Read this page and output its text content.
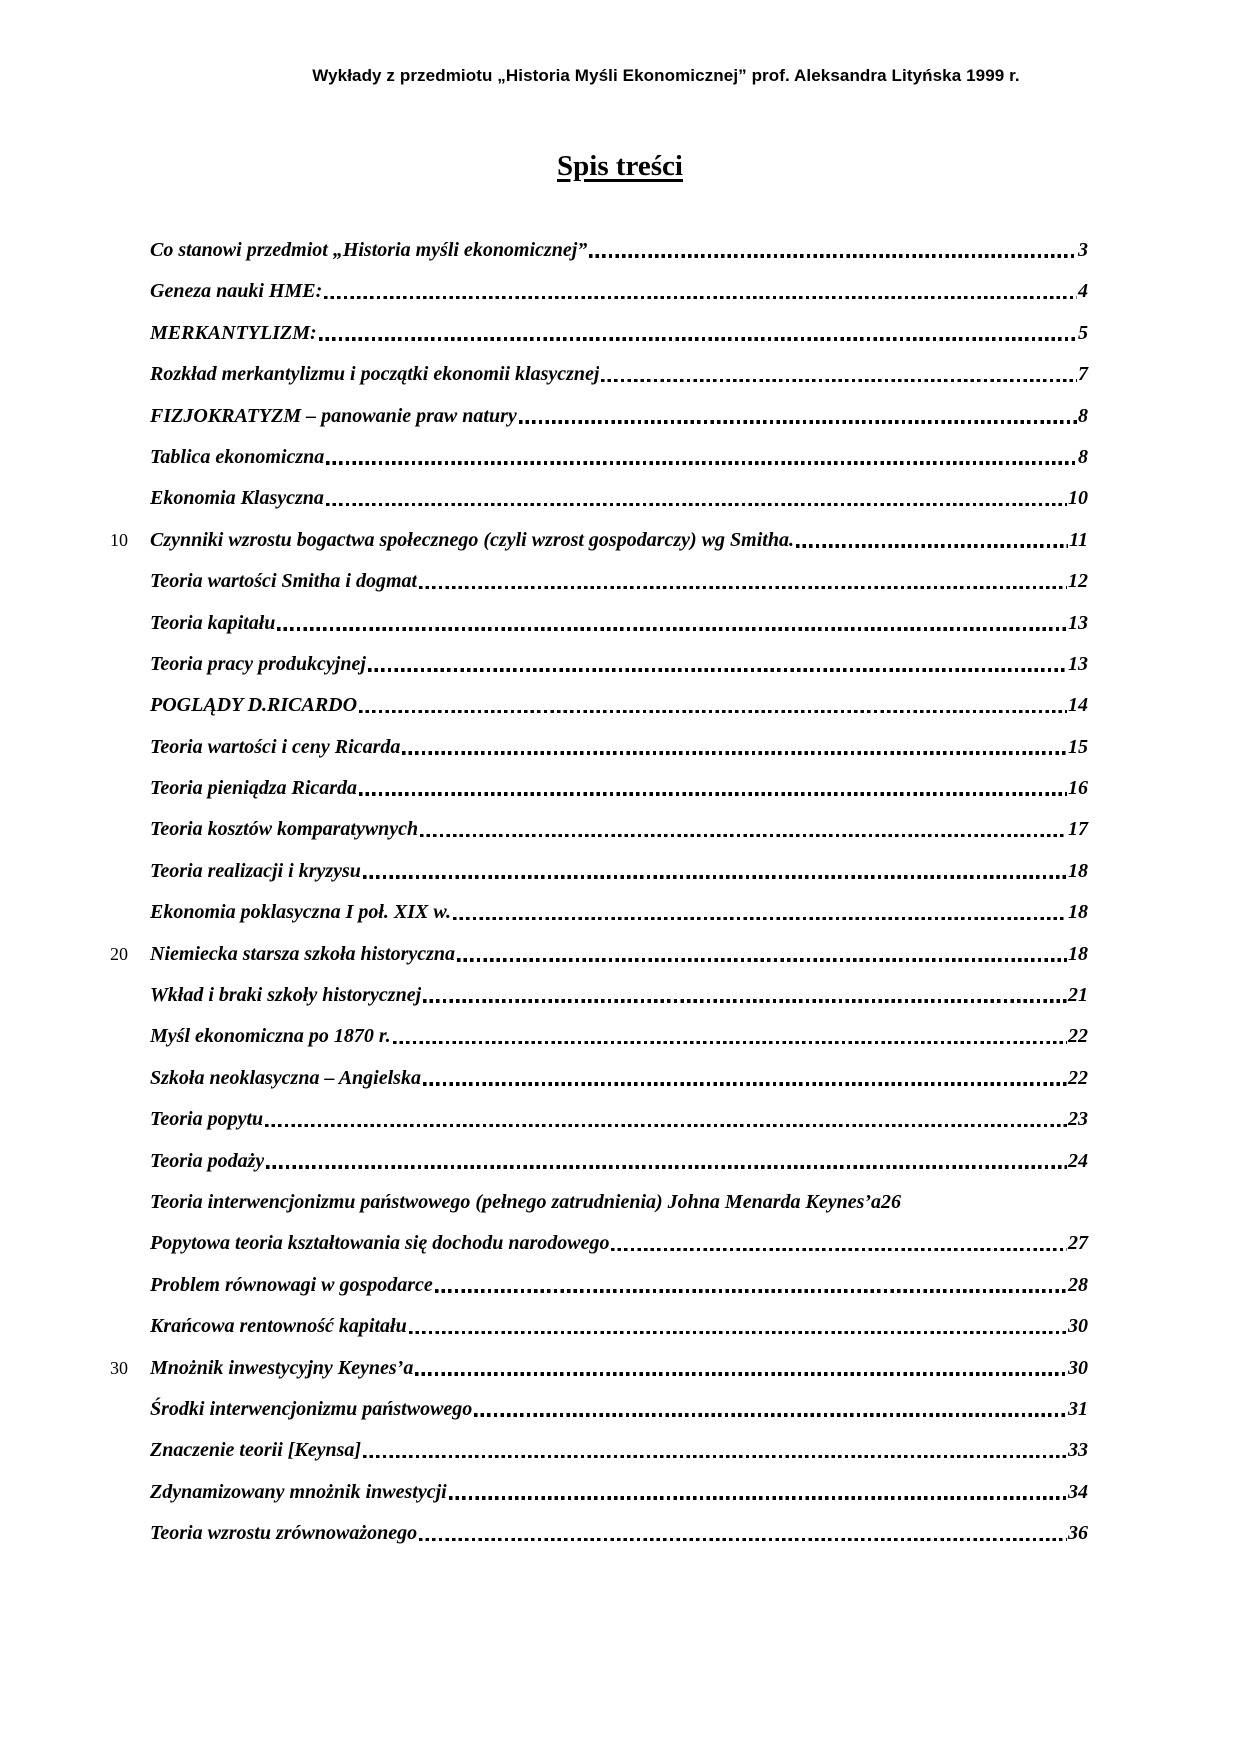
Wykłady z przedmiotu „Historia Myśli Ekonomicznej” prof. Aleksandra Lityńska 1999 r.
Spis treści
Co stanowi przedmiot „Historia myśli ekonomicznej”	3
Geneza nauki HME:	4
MERKANTYLIZM:	5
Rozkład merkantylizmu i początki ekonomii klasycznej	7
FIZJOKRATYZM – panowanie praw natury	8
Tablica ekonomiczna	8
Ekonomia Klasyczna	10
10 Czynniki wzrostu bogactwa społecznego (czyli wzrost gospodarczy) wg Smitha.	11
Teoria wartości Smitha i dogmat	12
Teoria kapitału	13
Teoria pracy produkcyjnej	13
POGLĄDY D.RICARDO	14
Teoria wartości i ceny Ricarda	15
Teoria pieniądza Ricarda	16
Teoria kosztów komparatywnych	17
Teoria realizacji i kryzysu	18
Ekonomia poklasyczna I poł. XIX w.	18
20 Niemiecka starsza szkoła historyczna	18
Wkład i braki szkoły historycznej	21
Myśl ekonomiczna po 1870 r.	22
Szkoła neoklasyczna – Angielska	22
Teoria popytu	23
Teoria podaży	24
Teoria interwencjonizmu państwowego (pełnego zatrudnienia) Johna Menarda Keynes’a 26
Popytowa teoria kształtowania się dochodu narodowego	27
Problem równowagi w gospodarce	28
Krańcowa rentowność kapitału	30
30 Mnożnik inwestycyjny Keynes’a	30
Środki interwencjonizmu państwowego	31
Znaczenie teorii [Keynsa]	33
Zdynamizowany mnożnik inwestycji	34
Teoria wzrostu zrównoważonego	36
